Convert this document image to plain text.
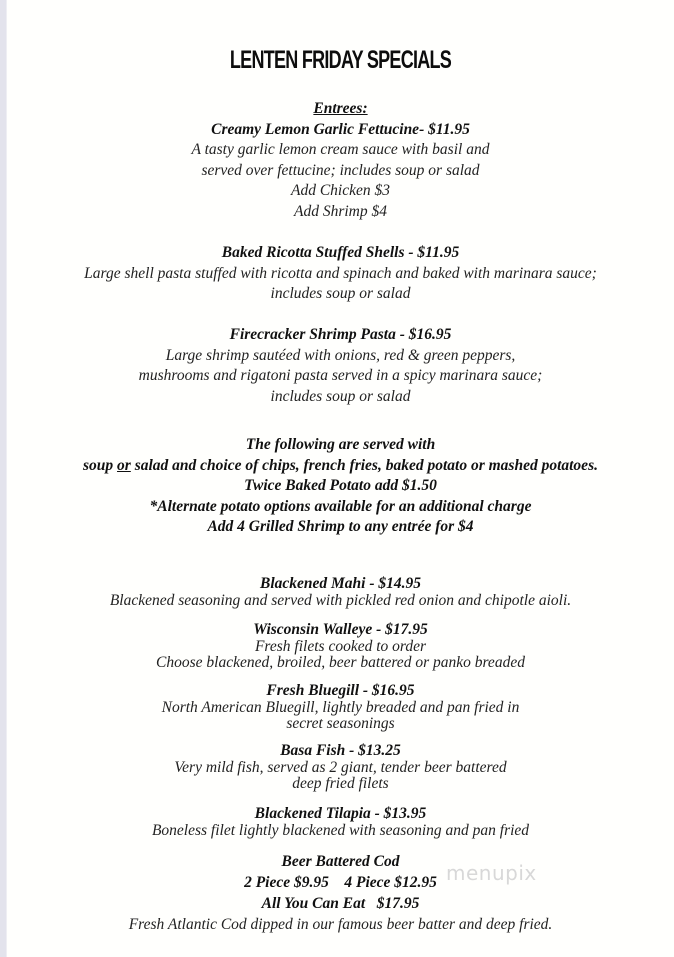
LENTEN FRIDAY SPECIALS
Entrees:
Creamy Lemon Garlic Fettucine- $11.95
A tasty garlic lemon cream sauce with basil and
served over fettucine; includes soup or salad
Add Chicken $3
Add Shrimp $4
Baked Ricotta Stuffed Shells - $11.95
Large shell pasta stuffed with ricotta and spinach and baked with marinara sauce;
includes soup or salad
Firecracker Shrimp Pasta - $16.95
Large shrimp sautéed with onions, red & green peppers,
mushrooms and rigatoni pasta served in a spicy marinara sauce;
includes soup or salad
The following are served with
soup or salad and choice of chips, french fries, baked potato or mashed potatoes.
Twice Baked Potato add $1.50
*Alternate potato options available for an additional charge
Add 4 Grilled Shrimp to any entrée for $4
Blackened Mahi - $14.95
Blackened seasoning and served with pickled red onion and chipotle aioli.
Wisconsin Walleye - $17.95
Fresh filets cooked to order
Choose blackened, broiled, beer battered or panko breaded
Fresh Bluegill - $16.95
North American Bluegill, lightly breaded and pan fried in
secret seasonings
Basa Fish - $13.25
Very mild fish, served as 2 giant, tender beer battered
deep fried filets
Blackened Tilapia - $13.95
Boneless filet lightly blackened with seasoning and pan fried
Beer Battered Cod
2 Piece $9.95    4 Piece $12.95
All You Can Eat   $17.95
Fresh Atlantic Cod dipped in our famous beer batter and deep fried.
menupix
